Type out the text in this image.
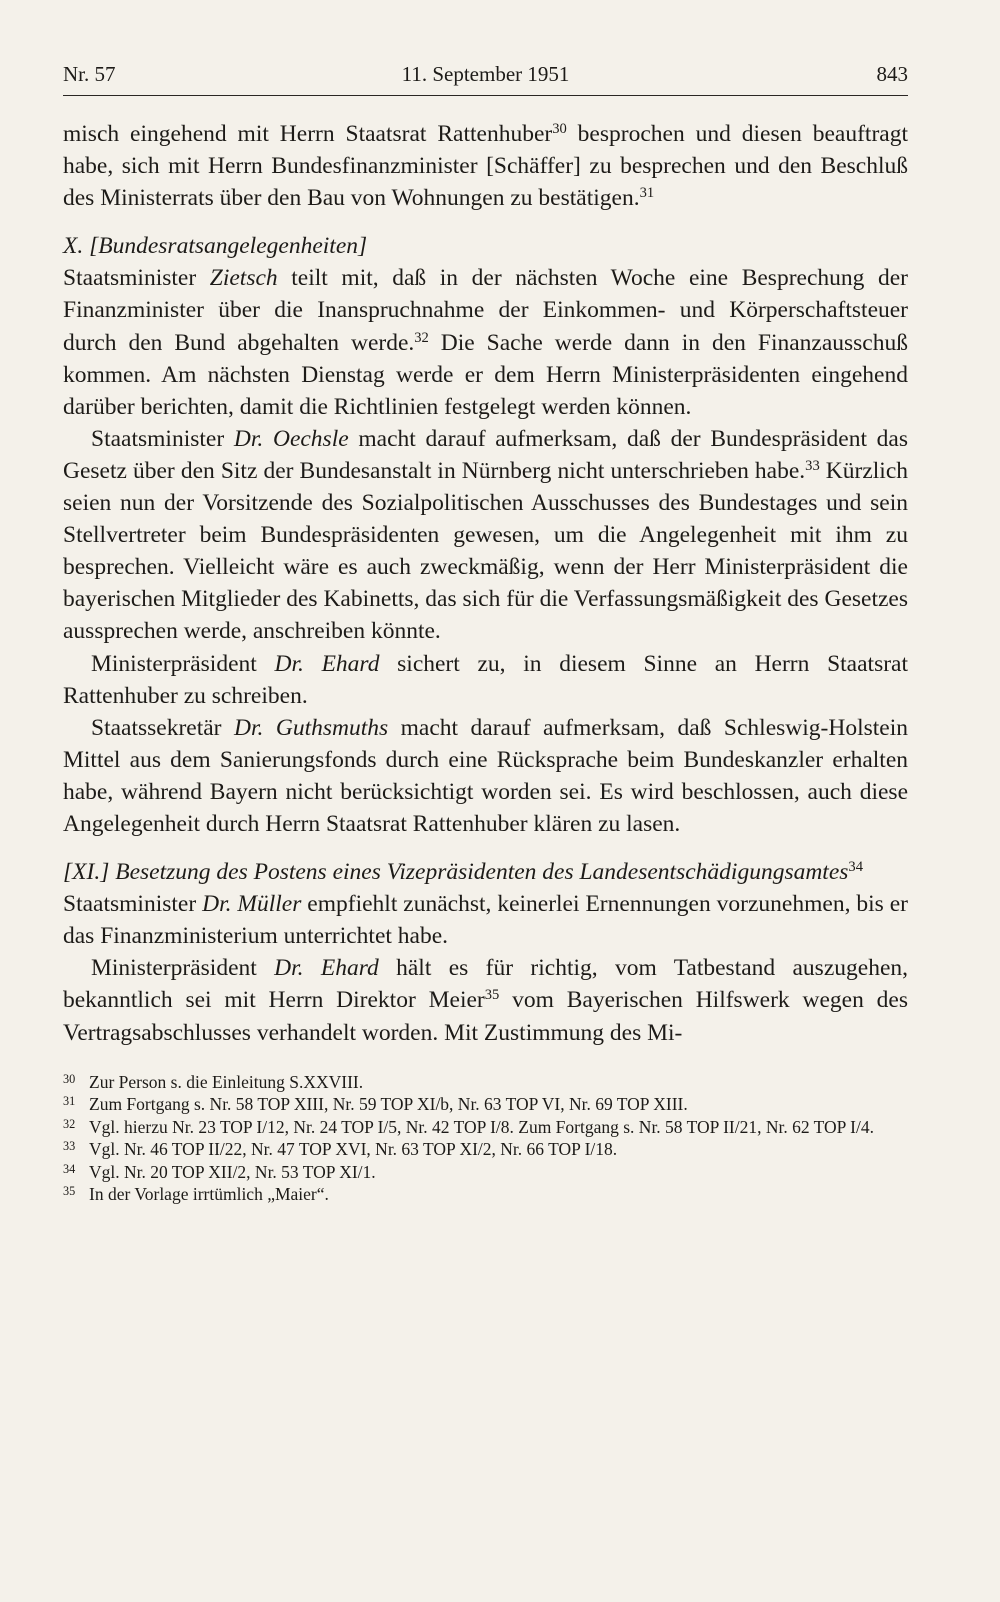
Nr. 57	11. September 1951	843

misch eingehend mit Herrn Staatsrat Rattenhuber$^{30}$ besprochen und diesen beauftragt habe, sich mit Herrn Bundesfinanzminister [Schäffer] zu besprechen und den Beschluß des Ministerrats über den Bau von Wohnungen zu bestätigen.$^{31}$

X. [Bundesratsangelegenheiten]

Staatsminister Zietsch teilt mit, daß in der nächsten Woche eine Besprechung der Finanzminister über die Inanspruchnahme der Einkommen- und Körperschaftsteuer durch den Bund abgehalten werde.$^{32}$ Die Sache werde dann in den Finanzausschuß kommen. Am nächsten Dienstag werde er dem Herrn Ministerpräsidenten eingehend darüber berichten, damit die Richtlinien festgelegt werden können.

Staatsminister Dr. Oechsle macht darauf aufmerksam, daß der Bundespräsident das Gesetz über den Sitz der Bundesanstalt in Nürnberg nicht unterschrieben habe.$^{33}$ Kürzlich seien nun der Vorsitzende des Sozialpolitischen Ausschusses des Bundestages und sein Stellvertreter beim Bundespräsidenten gewesen, um die Angelegenheit mit ihm zu besprechen. Vielleicht wäre es auch zweckmäßig, wenn der Herr Ministerpräsident die bayerischen Mitglieder des Kabinetts, das sich für die Verfassungsmäßigkeit des Gesetzes aussprechen werde, anschreiben könnte.

Ministerpräsident Dr. Ehard sichert zu, in diesem Sinne an Herrn Staatsrat Rattenhuber zu schreiben.

Staatssekretär Dr. Guthsmuths macht darauf aufmerksam, daß Schleswig-Holstein Mittel aus dem Sanierungsfonds durch eine Rücksprache beim Bundeskanzler erhalten habe, während Bayern nicht berücksichtigt worden sei. Es wird beschlossen, auch diese Angelegenheit durch Herrn Staatsrat Rattenhuber klären zu lasen.

[XI.] Besetzung des Postens eines Vizepräsidenten des Landesentschädigungsamtes$^{34}$

Staatsminister Dr. Müller empfiehlt zunächst, keinerlei Ernennungen vorzunehmen, bis er das Finanzministerium unterrichtet habe.

Ministerpräsident Dr. Ehard hält es für richtig, vom Tatbestand auszugehen, bekanntlich sei mit Herrn Direktor Meier$^{35}$ vom Bayerischen Hilfswerk wegen des Vertragsabschlusses verhandelt worden. Mit Zustimmung des Mi-

30 Zur Person s. die Einleitung S.XXVIII.
31 Zum Fortgang s. Nr. 58 TOP XIII, Nr. 59 TOP XI/b, Nr. 63 TOP VI, Nr. 69 TOP XIII.
32 Vgl. hierzu Nr. 23 TOP I/12, Nr. 24 TOP I/5, Nr. 42 TOP I/8. Zum Fortgang s. Nr. 58 TOP II/21, Nr. 62 TOP I/4.
33 Vgl. Nr. 46 TOP II/22, Nr. 47 TOP XVI, Nr. 63 TOP XI/2, Nr. 66 TOP I/18.
34 Vgl. Nr. 20 TOP XII/2, Nr. 53 TOP XI/1.
35 In der Vorlage irrtümlich „Maier“.
